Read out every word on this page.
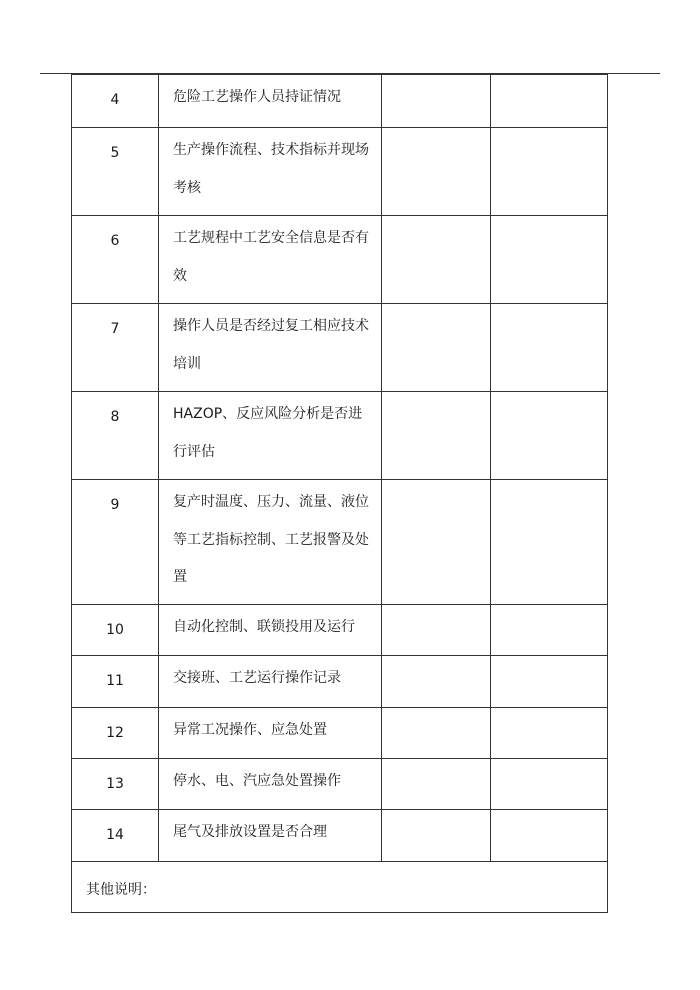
4	危险工艺操作人员持证情况		

5	生产操作流程、技术指标并现场考核		

6	工艺规程中工艺安全信息是否有效		

7	操作人员是否经过复工相应技术培训		

8	HAZOP、反应风险分析是否进行评估		

9	复产时温度、压力、流量、液位等工艺指标控制、工艺报警及处置		

10	自动化控制、联锁投用及运行		

11	交接班、工艺运行操作记录		

12	异常工况操作、应急处置		

13	停水、电、汽应急处置操作		

14	尾气及排放设置是否合理		

其他说明：			
